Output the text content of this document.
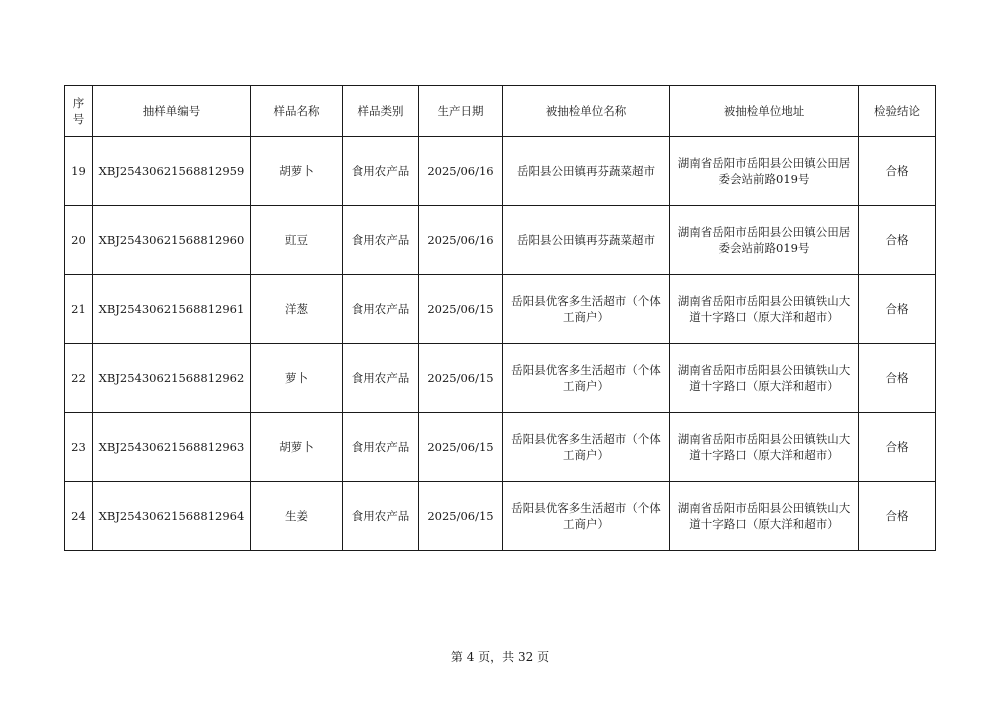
序
号	抽样单编号	样品名称	样品类别	生产日期	被抽检单位名称	被抽检单位地址	检验结论
19	XBJ25430621568812959	胡萝卜	食用农产品	2025/06/16	岳阳县公田镇再芬蔬菜超市	湖南省岳阳市岳阳县公田镇公田居委会站前路019号	合格
20	XBJ25430621568812960	豇豆	食用农产品	2025/06/16	岳阳县公田镇再芬蔬菜超市	湖南省岳阳市岳阳县公田镇公田居委会站前路019号	合格
21	XBJ25430621568812961	洋葱	食用农产品	2025/06/15	岳阳县优客多生活超市（个体工商户）	湖南省岳阳市岳阳县公田镇铁山大道十字路口（原大洋和超市）	合格
22	XBJ25430621568812962	萝卜	食用农产品	2025/06/15	岳阳县优客多生活超市（个体工商户）	湖南省岳阳市岳阳县公田镇铁山大道十字路口（原大洋和超市）	合格
23	XBJ25430621568812963	胡萝卜	食用农产品	2025/06/15	岳阳县优客多生活超市（个体工商户）	湖南省岳阳市岳阳县公田镇铁山大道十字路口（原大洋和超市）	合格
24	XBJ25430621568812964	生姜	食用农产品	2025/06/15	岳阳县优客多生活超市（个体工商户）	湖南省岳阳市岳阳县公田镇铁山大道十字路口（原大洋和超市）	合格
第 4 页，共 32 页
